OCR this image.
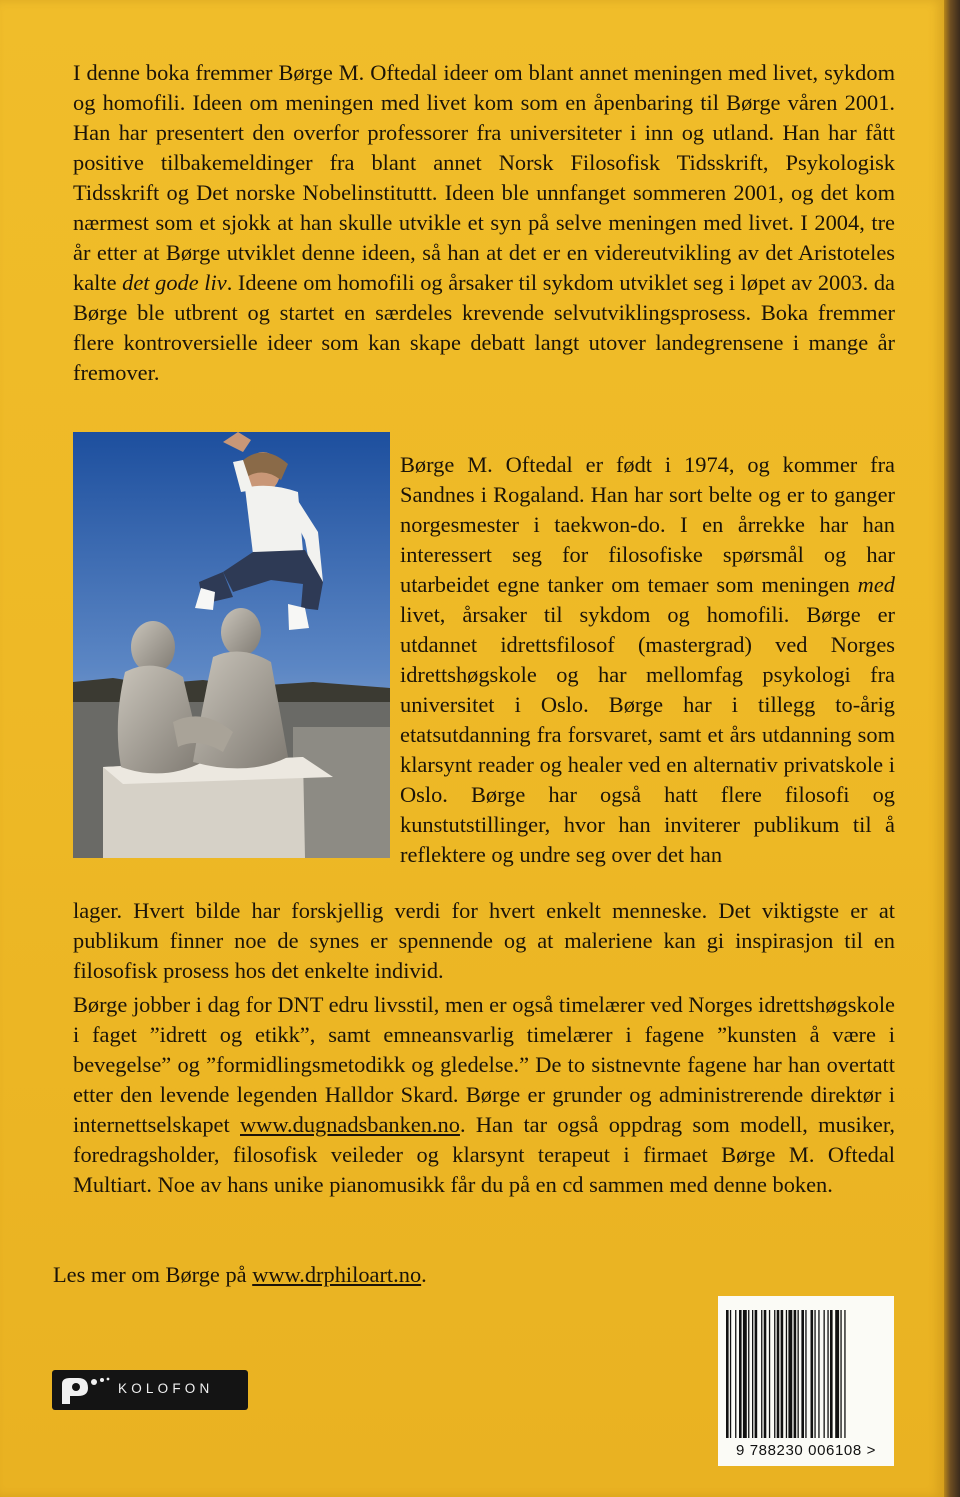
I denne boka fremmer Børge M. Oftedal ideer om blant annet meningen med livet, sykdom og homofili. Ideen om meningen med livet kom som en åpenbaring til Børge våren 2001. Han har presentert den overfor professorer fra universiteter i inn og utland. Han har fått positive tilbakemeldinger fra blant annet Norsk Filosofisk Tidsskrift, Psykologisk Tidsskrift og Det norske Nobelinstituttt. Ideen ble unnfanget sommeren 2001, og det kom nærmest som et sjokk at han skulle utvikle et syn på selve meningen med livet. I 2004, tre år etter at Børge utviklet denne ideen, så han at det er en videreutvikling av det Aristoteles kalte det gode liv. Ideene om homofili og årsaker til sykdom utviklet seg i løpet av 2003. da Børge ble utbrent og startet en særdeles krevende selvutviklingsprosess. Boka fremmer flere kontroversielle ideer som kan skape debatt langt utover landegrensene i mange år fremover.

Børge M. Oftedal er født i 1974, og kommer fra Sandnes i Rogaland. Han har sort belte og er to ganger norgesmester i taekwon-do. I en årrekke har han interessert seg for filosofiske spørsmål og har utarbeidet egne tanker om temaer som meningen med livet, årsaker til sykdom og homofili. Børge er utdannet idrettsfilosof (mastergrad) ved Norges idrettshøgskole og har mellomfag psykologi fra universitet i Oslo. Børge har i tillegg to-årig etatsutdanning fra forsvaret, samt et års utdanning som klarsynt reader og healer ved en alternativ privatskole i Oslo. Børge har også hatt flere filosofi og kunstutstillinger, hvor han inviterer publikum til å reflektere og undre seg over det han

lager. Hvert bilde har forskjellig verdi for hvert enkelt menneske. Det viktigste er at publikum finner noe de synes er spennende og at maleriene kan gi inspirasjon til en filosofisk prosess hos det enkelte individ.

Børge jobber i dag for DNT edru livsstil, men er også timelærer ved Norges idrettshøgskole i faget ”idrett og etikk”, samt emneansvarlig timelærer i fagene ”kunsten å være i bevegelse” og ”formidlingsmetodikk og gledelse.” De to sistnevnte fagene har han overtatt etter den levende legenden Halldor Skard. Børge er grunder og administrerende direktør i internettselskapet www.dugnadsbanken.no. Han tar også oppdrag som modell, musiker, foredragsholder, filosofisk veileder og klarsynt terapeut i firmaet Børge M. Oftedal Multiart. Noe av hans unike pianomusikk får du på en cd sammen med denne boken.

Les mer om Børge på www.drphiloart.no.

KOLOFON
9 788230 006108 >
